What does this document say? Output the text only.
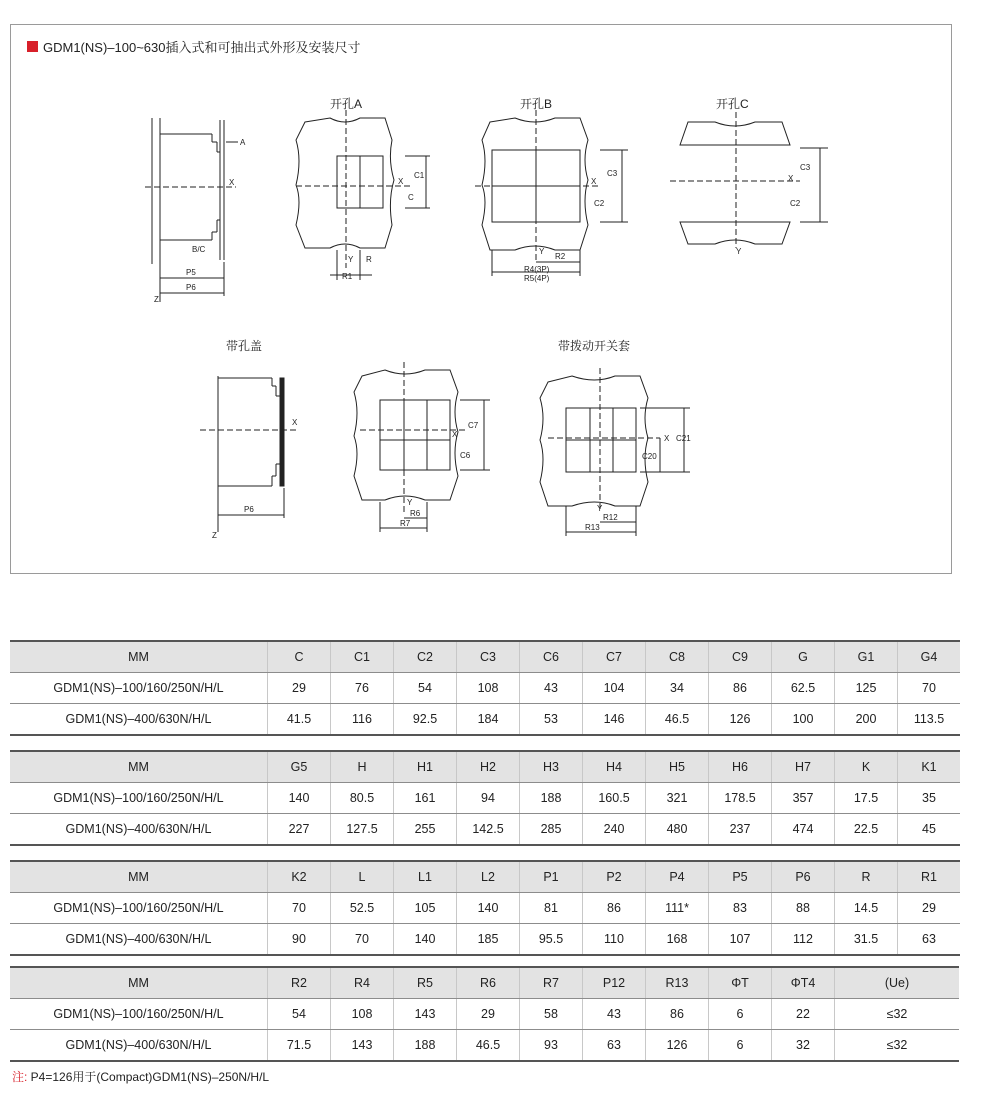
GDM1(NS)–100~630插入式和可抽出式外形及安装尺寸
A
X
B/C
P5
P6
Z
X
C1
C
Y R
R1
X
C3
C2
Y
R2
R4(3P)
R5(4P)
X
C3
C2
Y
X
P6
Z
X
C7
C6
Y
R6
R7
X C21
C20
Y
R12
R13
开孔A	开孔B	开孔C
带孔盖	带拨动开关套
MM	C	C1	C2	C3	C6	C7	C8	C9	G	G1	G4
GDM1(NS)–100/160/250N/H/L	29	76	54	108	43	104	34	86	62.5	125	70
GDM1(NS)–400/630N/H/L	41.5	116	92.5	184	53	146	46.5	126	100	200	113.5
MM	G5	H	H1	H2	H3	H4	H5	H6	H7	K	K1
GDM1(NS)–100/160/250N/H/L	140	80.5	161	94	188	160.5	321	178.5	357	17.5	35
GDM1(NS)–400/630N/H/L	227	127.5	255	142.5	285	240	480	237	474	22.5	45
MM	K2	L	L1	L2	P1	P2	P4	P5	P6	R	R1
GDM1(NS)–100/160/250N/H/L	70	52.5	105	140	81	86	111*	83	88	14.5	29
GDM1(NS)–400/630N/H/L	90	70	140	185	95.5	110	168	107	112	31.5	63
MM	R2	R4	R5	R6	R7	P12	R13	ΦT	ΦT4	(Ue)
GDM1(NS)–100/160/250N/H/L	54	108	143	29	58	43	86	6	22	≤32
GDM1(NS)–400/630N/H/L	71.5	143	188	46.5	93	63	126	6	32	≤32
注: P4=126用于(Compact)GDM1(NS)–250N/H/L
